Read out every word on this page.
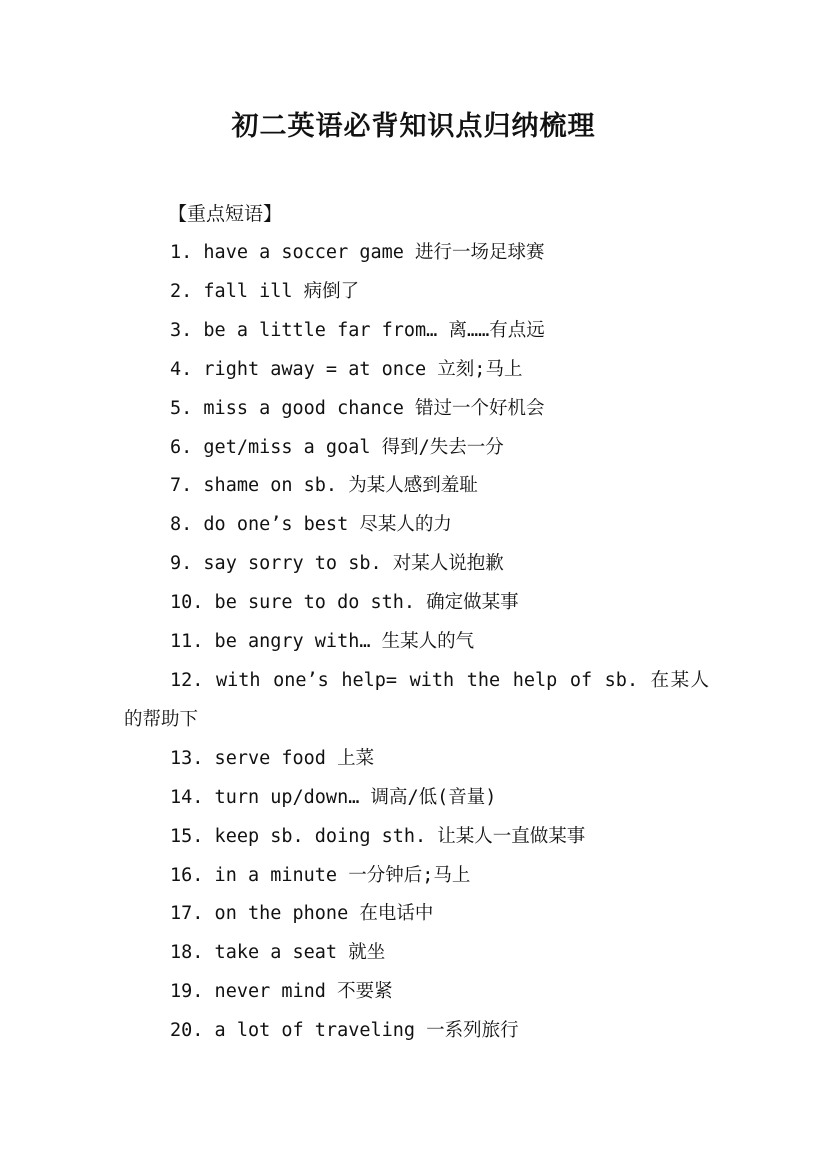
初二英语必背知识点归纳梳理
【重点短语】
1. have a soccer game 进行一场足球赛
2. fall ill 病倒了
3. be a little far from… 离……有点远
4. right away = at once 立刻;马上
5. miss a good chance 错过一个好机会
6. get/miss a goal 得到/失去一分
7. shame on sb. 为某人感到羞耻
8. do one’s best 尽某人的力
9. say sorry to sb. 对某人说抱歉
10. be sure to do sth. 确定做某事
11. be angry with… 生某人的气
12. with one’s help= with the help of sb. 在某人的帮助下
13. serve food 上菜
14. turn up/down… 调高/低(音量)
15. keep sb. doing sth. 让某人一直做某事
16. in a minute 一分钟后;马上
17. on the phone 在电话中
18. take a seat 就坐
19. never mind 不要紧
20. a lot of traveling 一系列旅行
